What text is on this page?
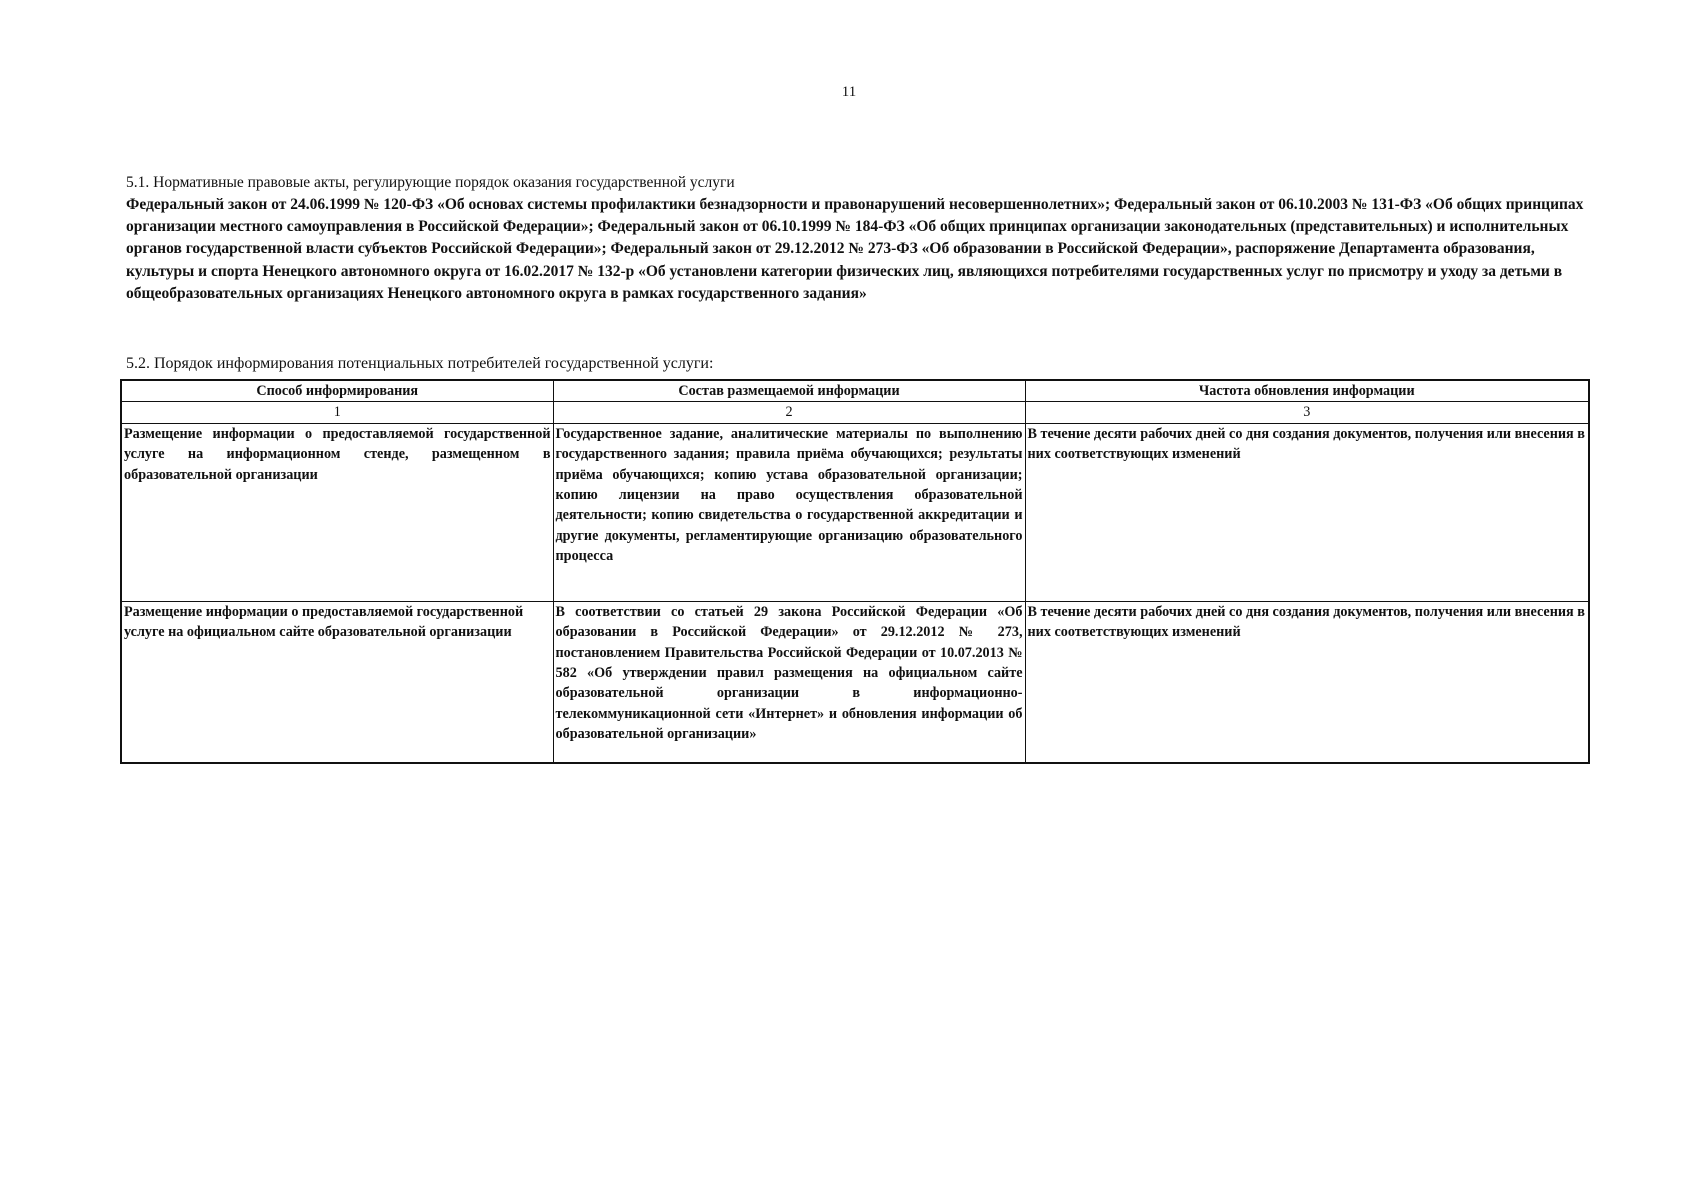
11

5.1. Нормативные правовые акты, регулирующие порядок оказания государственной услуги

Федеральный закон от 24.06.1999 № 120-ФЗ «Об основах системы профилактики безнадзорности и правонарушений несовершеннолетних»; Федеральный закон от 06.10.2003 № 131-ФЗ «Об общих принципах организации местного самоуправления в Российской Федерации»; Федеральный закон от 06.10.1999 № 184-ФЗ «Об общих принципах организации законодательных (представительных) и исполнительных органов государственной власти субъектов Российской Федерации»; Федеральный закон от 29.12.2012 № 273-ФЗ «Об образовании в Российской Федерации», распоряжение Департамента образования, культуры и спорта Ненецкого автономного округа от 16.02.2017 № 132-р «Об установлени категории физических лиц, являющихся потребителями государственных услуг по присмотру и уходу за детьми в общеобразовательных организациях Ненецкого автономного округа в рамках государственного задания»

5.2. Порядок информирования потенциальных потребителей государственной услуги:

Способ информирования	Состав размещаемой информации	Частота обновления информации
1	2	3
Размещение информации о предоставляемой государственной услуге на информационном стенде, размещенном в образовательной организации	Государственное задание, аналитические материалы по выполнению государственного задания; правила приёма обучающихся; результаты приёма обучающихся; копию устава образовательной организации; копию лицензии на право осуществления образовательной деятельности; копию свидетельства о государственной аккредитации и другие документы, регламентирующие организацию образовательного процесса	В течение десяти рабочих дней со дня создания документов, получения или внесения в них соответствующих изменений
Размещение информации о предоставляемой государственной услуге на официальном сайте образовательной организации	В соответствии со статьей 29 закона Российской Федерации «Об образовании в Российской Федерации» от 29.12.2012 № 273, постановлением Правительства Российской Федерации от 10.07.2013 № 582 «Об утверждении правил размещения на официальном сайте образовательной организации в информационно-телекоммуникационной сети «Интернет» и обновления информации об образовательной организации»	В течение десяти рабочих дней со дня создания документов, получения или внесения в них соответствующих изменений
